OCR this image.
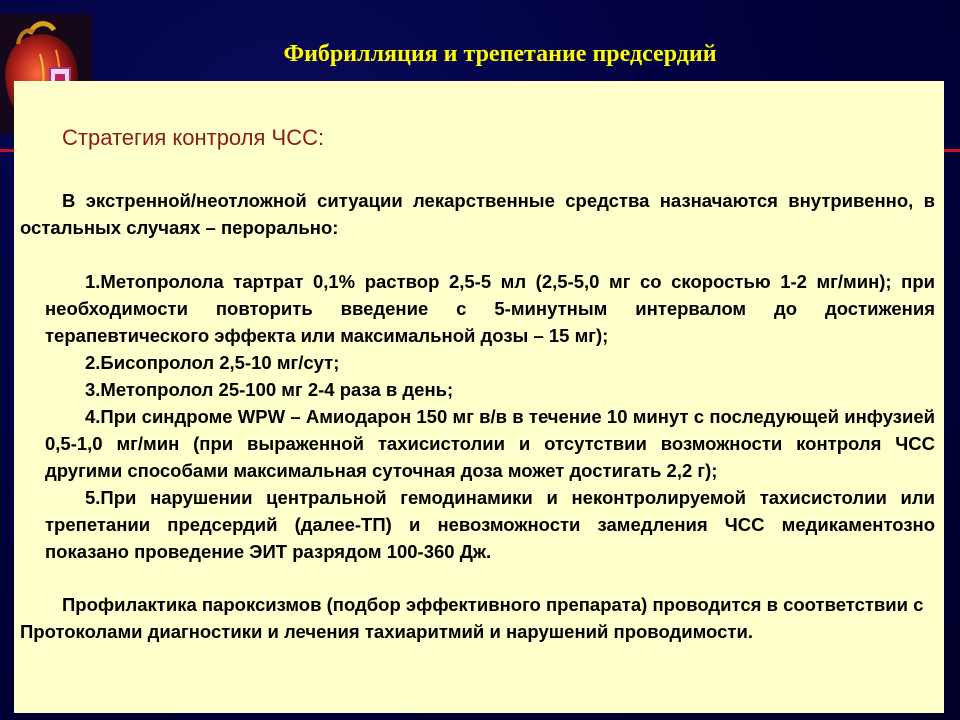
Фибрилляция и трепетание предсердий
Стратегия контроля ЧСС:

В экстренной/неотложной ситуации лекарственные средства назначаются внутривенно, в остальных случаях – перорально:

1.Метопролола тартрат 0,1% раствор 2,5-5 мл (2,5-5,0 мг со скоростью 1-2 мг/мин); при необходимости повторить введение с 5-минутным интервалом до достижения терапевтического эффекта или максимальной дозы – 15 мг);

2.Бисопролол 2,5-10 мг/сут;

3.Метопролол 25-100 мг 2-4 раза в день;

4.При синдроме WPW – Амиодарон 150 мг в/в в течение 10 минут с последующей инфузией 0,5-1,0 мг/мин (при выраженной тахисистолии и отсутствии возможности контроля ЧСС другими способами максимальная суточная доза может достигать 2,2 г);

5.При нарушении центральной гемодинамики и неконтролируемой тахисистолии или трепетании предсердий (далее-ТП) и невозможности замедления ЧСС медикаментозно показано проведение ЭИТ разрядом 100-360 Дж.

Профилактика пароксизмов (подбор эффективного препарата) проводится в соответствии с Протоколами диагностики и лечения тахиаритмий и нарушений проводимости.
